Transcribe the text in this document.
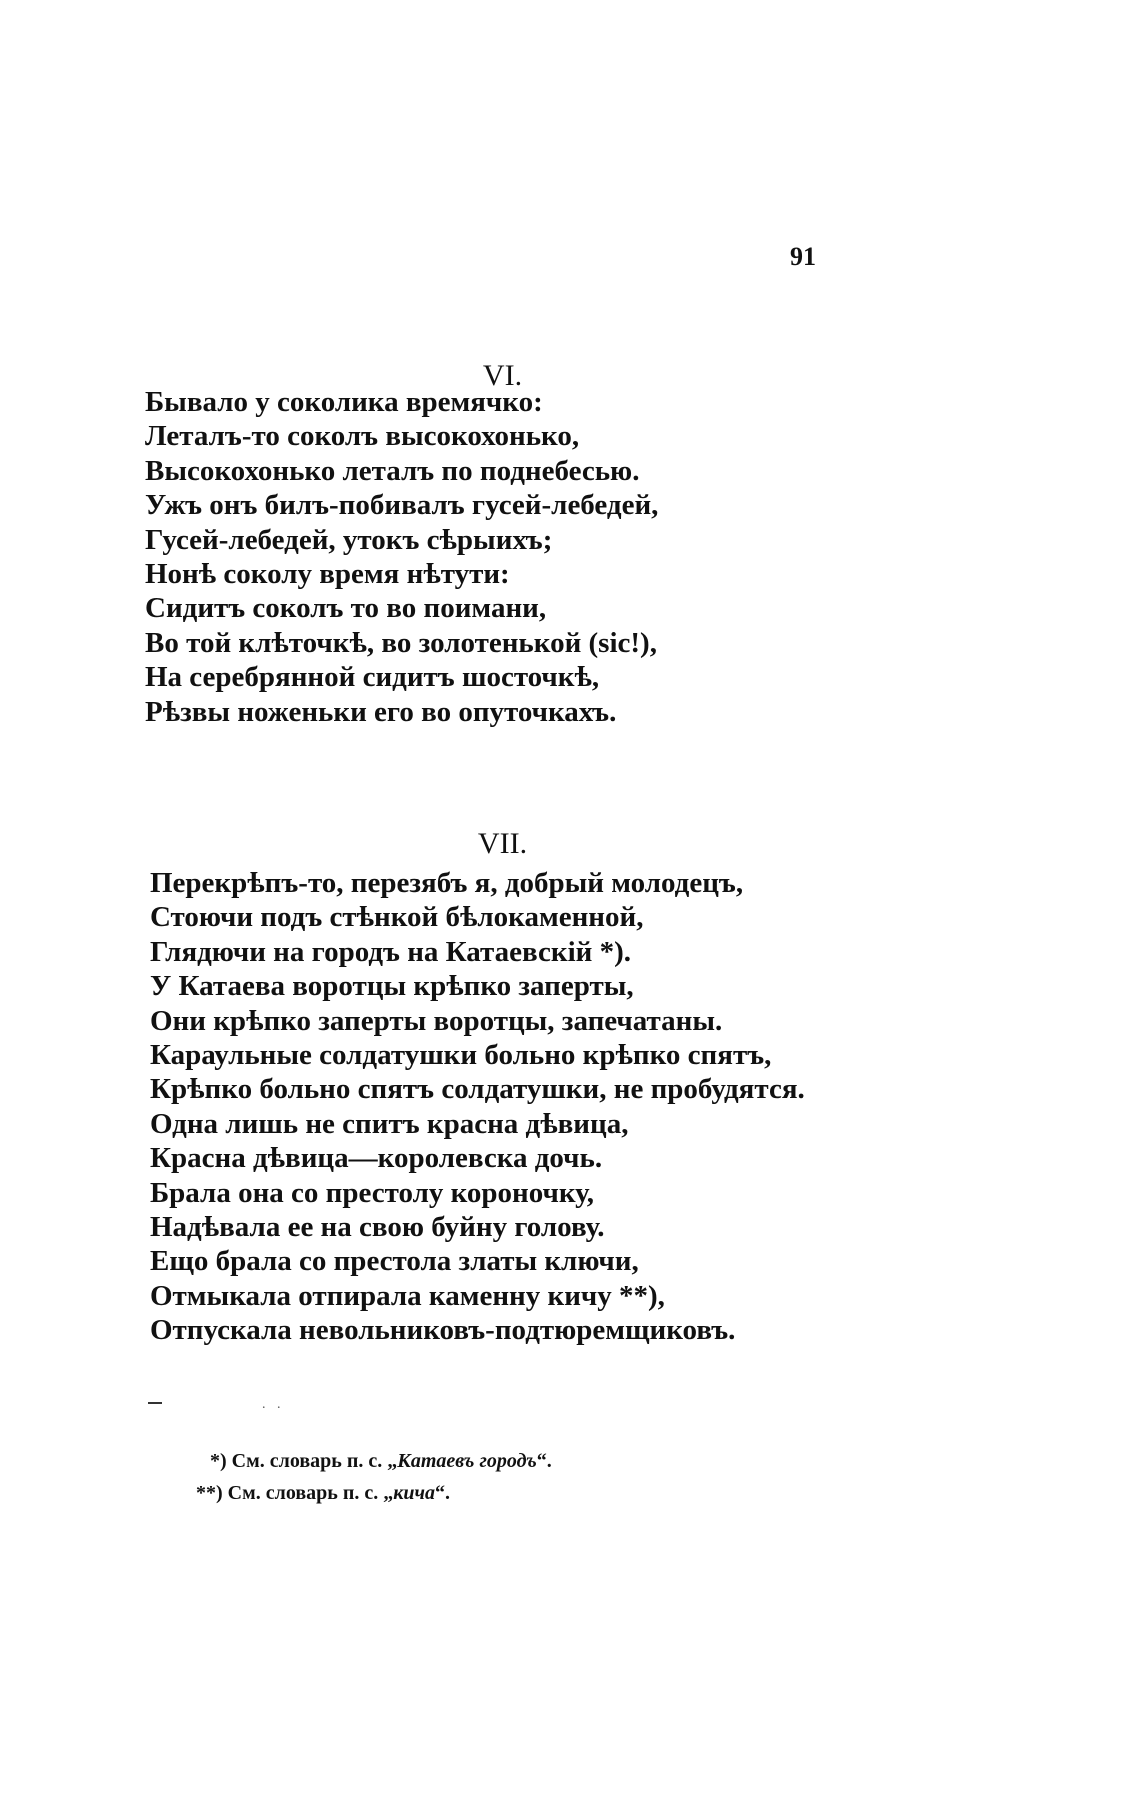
91
VI.
Бывало у соколика времячко:
Леталъ-то соколъ высокохонько,
Высокохонько леталъ по поднебесью.
Ужъ онъ билъ-побивалъ гусей-лебедей,
Гусей-лебедей, утокъ сѣрыихъ;
Нонѣ соколу время нѣтути:
Сидитъ соколъ то во поимани,
Во той клѣточкѣ, во золотенькой (sic!),
На серебрянной сидитъ шосточкѣ,
Рѣзвы ноженьки его во опуточкахъ.
VII.
Перекрѣпъ-то, перезябъ я, добрый молодецъ,
Стоючи подъ стѣнкой бѣлокаменной,
Глядючи на городъ на Катаевскій *).
У Катаева воротцы крѣпко заперты,
Они крѣпко заперты воротцы, запечатаны.
Караульные солдатушки больно крѣпко спятъ,
Крѣпко больно спятъ солдатушки, не пробудятся.
Одна лишь не спитъ красна дѣвица,
Красна дѣвица—королевска дочь.
Брала она со престолу короночку,
Надѣвала ее на свою буйну голову.
Ещо брала со престола златы ключи,
Отмыкала отпирала каменну кичу **),
Отпускала невольниковъ-подтюремщиковъ.
. .
*) См. словарь п. с. „Катаевъ городъ“.
**) См. словарь п. с. „кича“.
